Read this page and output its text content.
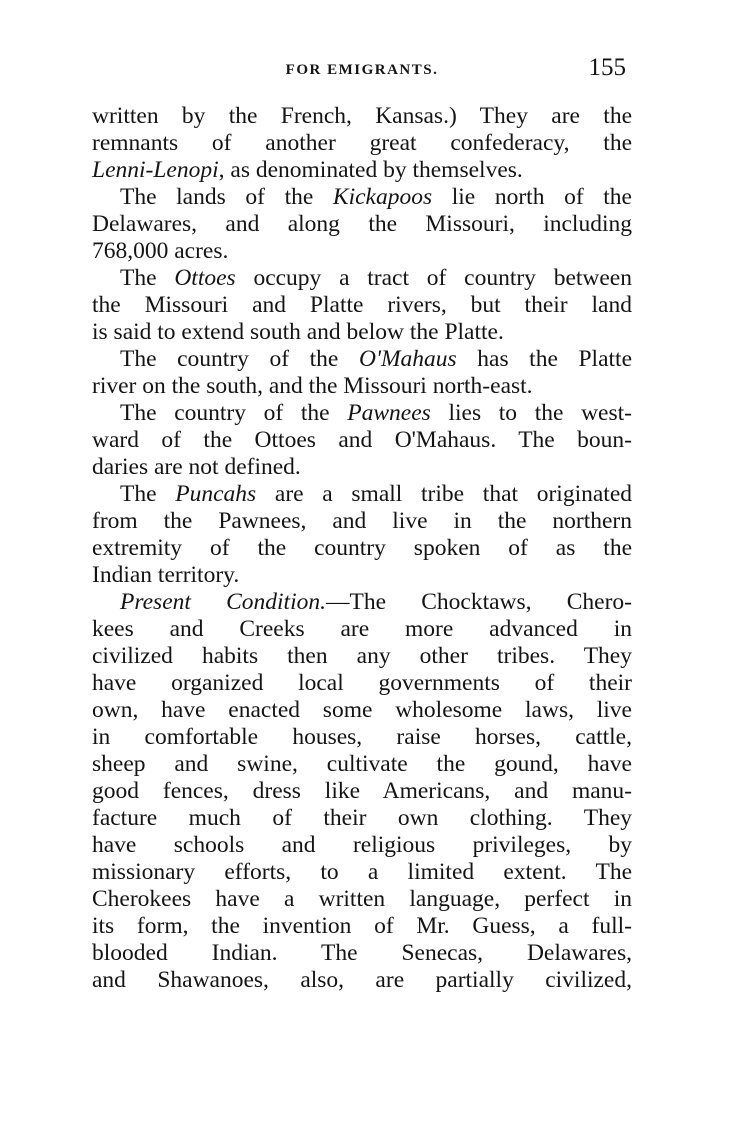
FOR EMIGRANTS.	155
written by the French, Kansas.) They are the
remnants of another great confederacy, the
Lenni-Lenopi, as denominated by themselves.
The lands of the Kickapoos lie north of the
Delawares, and along the Missouri, including
768,000 acres.
The Ottoes occupy a tract of country between
the Missouri and Platte rivers, but their land
is said to extend south and below the Platte.
The country of the O'Mahaus has the Platte
river on the south, and the Missouri north-east.
The country of the Pawnees lies to the west-
ward of the Ottoes and O'Mahaus. The boun-
daries are not defined.
The Puncahs are a small tribe that originated
from the Pawnees, and live in the northern
extremity of the country spoken of as the
Indian territory.
Present Condition.—The Chocktaws, Chero-
kees and Creeks are more advanced in
civilized habits then any other tribes. They
have organized local governments of their
own, have enacted some wholesome laws, live
in comfortable houses, raise horses, cattle,
sheep and swine, cultivate the gound, have
good fences, dress like Americans, and manu-
facture much of their own clothing. They
have schools and religious privileges, by
missionary efforts, to a limited extent. The
Cherokees have a written language, perfect in
its form, the invention of Mr. Guess, a full-
blooded Indian. The Senecas, Delawares,
and Shawanoes, also, are partially civilized,
